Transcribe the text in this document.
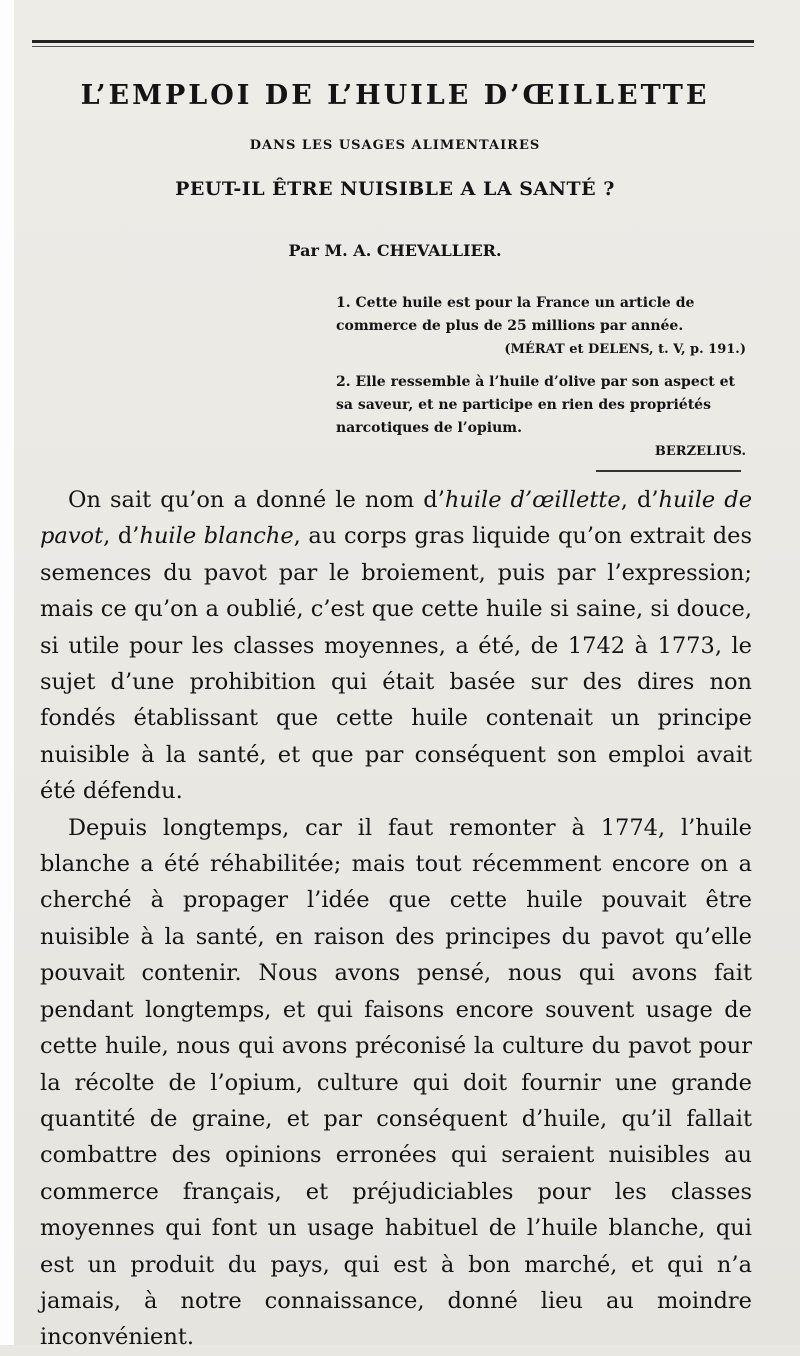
L’EMPLOI DE L’HUILE D’ŒILLETTE
DANS LES USAGES ALIMENTAIRES
PEUT-IL ÊTRE NUISIBLE A LA SANTÉ ?
Par M. A. CHEVALLIER.

1. Cette huile est pour la France un article de commerce de plus de 25 millions par année.

(MÉRAT et DELENS, t. V, p. 191.)

2. Elle ressemble à l’huile d’olive par son aspect et sa saveur, et ne participe en rien des propriétés narcotiques de l’opium.

BERZELIUS.

On sait qu’on a donné le nom d’huile d’œillette, d’huile de pavot, d’huile blanche, au corps gras liquide qu’on extrait des semences du pavot par le broiement, puis par l’expression; mais ce qu’on a oublié, c’est que cette huile si saine, si douce, si utile pour les classes moyennes, a été, de 1742 à 1773, le sujet d’une prohibition qui était basée sur des dires non fondés établissant que cette huile contenait un principe nuisible à la santé, et que par conséquent son emploi avait été défendu.

Depuis longtemps, car il faut remonter à 1774, l’huile blanche a été réhabilitée; mais tout récemment encore on a cherché à propager l’idée que cette huile pouvait être nuisible à la santé, en raison des principes du pavot qu’elle pouvait contenir. Nous avons pensé, nous qui avons fait pendant longtemps, et qui faisons encore souvent usage de cette huile, nous qui avons préconisé la culture du pavot pour la récolte de l’opium, culture qui doit fournir une grande quantité de graine, et par conséquent d’huile, qu’il fallait combattre des opinions erronées qui seraient nuisibles au commerce français, et préjudiciables pour les classes moyennes qui font un usage habituel de l’huile blanche, qui est un produit du pays, qui est à bon marché, et qui n’a jamais, à notre connaissance, donné lieu au moindre inconvénient.
